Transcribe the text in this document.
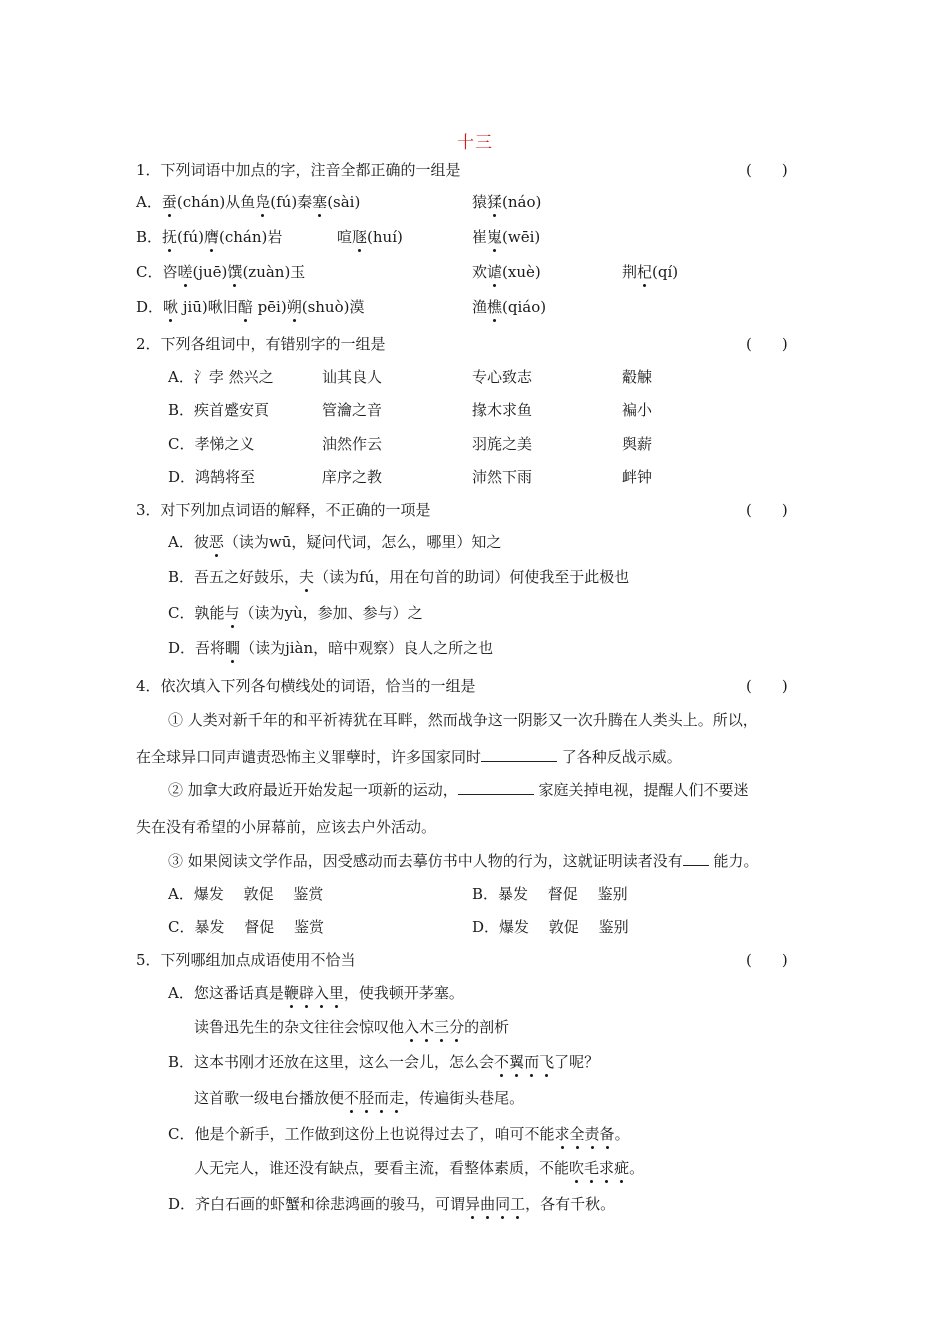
十三
1．下列词语中加点的字，注音全都正确的一组是	(　　)
A．蚕(chán)从鱼凫(fú)秦塞(sài)	猿猱(náo)
B．抚(fú)膺(chán)岩	喧豗(huí)	崔嵬(wēi)
C．咨嗟(juē)馔(zuàn)玉	欢谑(xuè)	荆杞(qí)
D．啾 jiū)啾旧醅 pēi)朔(shuò)漠	渔樵(qiáo)
2．下列各组词中，有错别字的一组是	(　　)
A．氵孛 然兴之	讪其良人	专心致志	觳觫
B．疾首蹙安頁	管瀹之音	掾木求鱼	褊小
C．孝悌之义	油然作云	羽旄之美	舆薪
D．鸿鹄将至	庠序之教	沛然下雨	衅钟
3．对下列加点词语的解释，不正确的一项是	(　　)
A．彼恶（读为wū，疑问代词，怎么，哪里）知之
B．吾五之好鼓乐，夫（读为fú，用在句首的助词）何使我至于此极也
C．孰能与（读为yù，参加、参与）之
D．吾将瞯（读为jiàn，暗中观察）良人之所之也
4．依次填入下列各句横线处的词语，恰当的一组是	(　　)
① 人类对新千年的和平祈祷犹在耳畔，然而战争这一阴影又一次升腾在人类头上。所以，
在全球异口同声谴责恐怖主义罪孽时，许多国家同时	了各种反战示威。
② 加拿大政府最近开始发起一项新的运动，	家庭关掉电视，提醒人们不要迷
失在没有希望的小屏幕前，应该去户外活动。
③ 如果阅读文学作品，因受感动而去摹仿书中人物的行为，这就证明读者没有 能力。
A．爆发　 敦促　 鉴赏	B．暴发　 督促　 鉴别
C．暴发　 督促　 鉴赏	D．爆发　 敦促　 鉴别
5．下列哪组加点成语使用不恰当	(　　)
A．您这番话真是鞭辟入里，使我顿开茅塞。
读鲁迅先生的杂文往往会惊叹他入木三分的剖析
B．这本书刚才还放在这里，这么一会儿，怎么会不翼而飞了呢？
这首歌一级电台播放便不胫而走，传遍街头巷尾。
C．他是个新手，工作做到这份上也说得过去了，咱可不能求全责备。
人无完人，谁还没有缺点，要看主流，看整体素质，不能吹毛求疵。
D．齐白石画的虾蟹和徐悲鸿画的骏马，可谓异曲同工，各有千秋。
